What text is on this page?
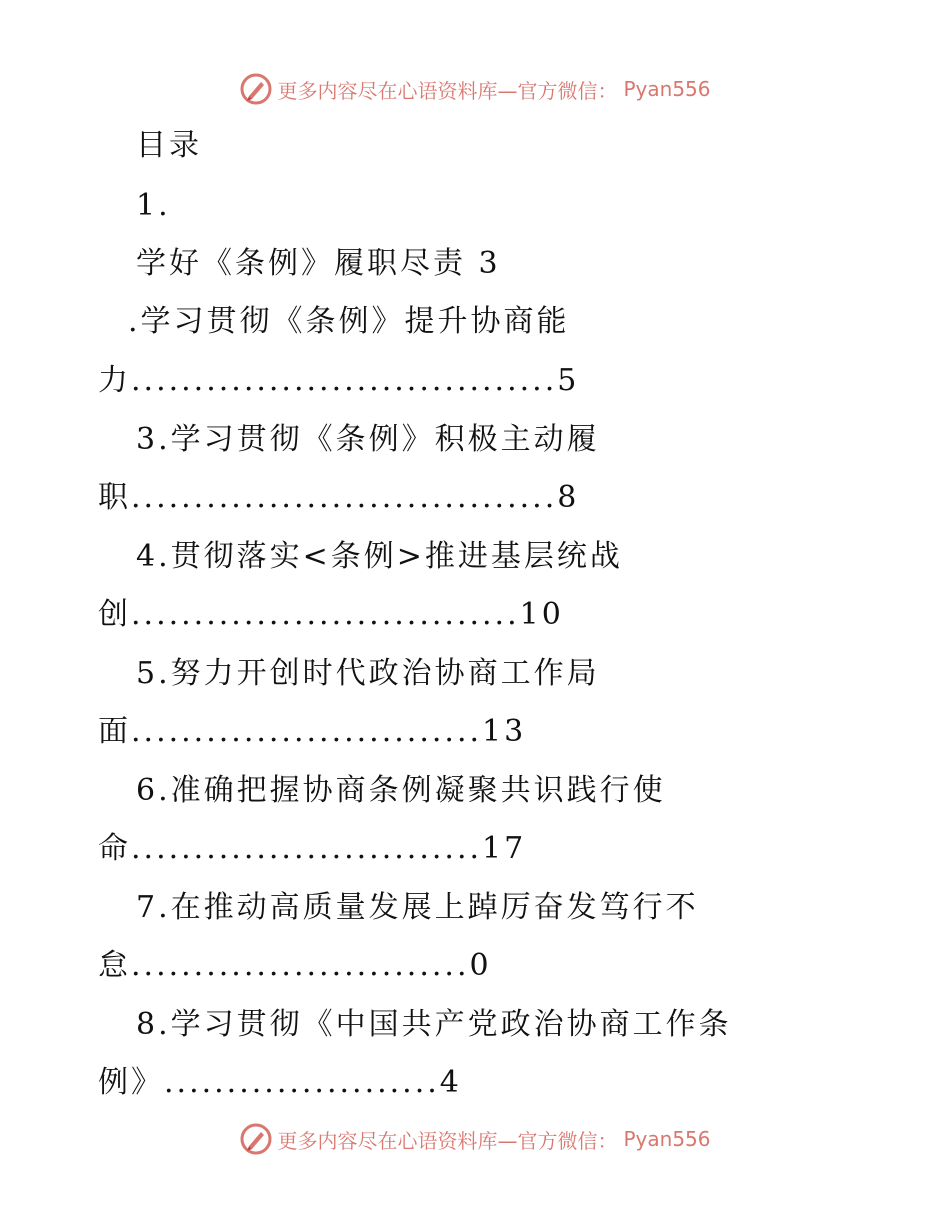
更多内容尽在心语资料库—官方微信： Pyan556
目录
1.
学好《条例》履职尽责 3
.学习贯彻《条例》提升协商能
力..................................5
3.学习贯彻《条例》积极主动履
职..................................8
4.贯彻落实<条例>推进基层统战
创...............................10
5.努力开创时代政治协商工作局
面............................13
6.准确把握协商条例凝聚共识践行使
命............................17
7.在推动高质量发展上踔厉奋发笃行不
怠...........................0
8.学习贯彻《中国共产党政治协商工作条
例》......................4
更多内容尽在心语资料库—官方微信： Pyan556
